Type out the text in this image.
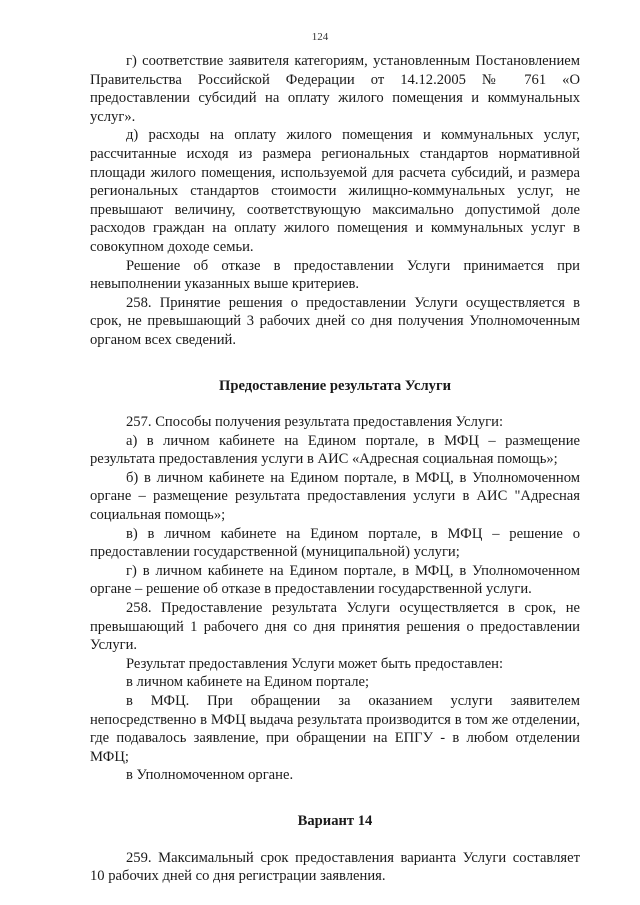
124

г) соответствие заявителя категориям, установленным Постановлением Правительства Российской Федерации от 14.12.2005 № 761 «О предоставлении субсидий на оплату жилого помещения и коммунальных услуг».

д) расходы на оплату жилого помещения и коммунальных услуг, рассчитанные исходя из размера региональных стандартов нормативной площади жилого помещения, используемой для расчета субсидий, и размера региональных стандартов стоимости жилищно-коммунальных услуг, не превышают величину, соответствующую максимально допустимой доле расходов граждан на оплату жилого помещения и коммунальных услуг в совокупном доходе семьи.

Решение об отказе в предоставлении Услуги принимается при невыполнении указанных выше критериев.

258. Принятие решения о предоставлении Услуги осуществляется в срок, не превышающий 3 рабочих дней со дня получения Уполномоченным органом всех сведений.

Предоставление результата Услуги

257. Способы получения результата предоставления Услуги:

а) в личном кабинете на Едином портале, в МФЦ – размещение результата предоставления услуги в АИС «Адресная социальная помощь»;

б) в личном кабинете на Едином портале, в МФЦ, в Уполномоченном органе – размещение результата предоставления услуги в АИС "Адресная социальная помощь»;

в) в личном кабинете на Едином портале, в МФЦ – решение о предоставлении государственной (муниципальной) услуги;

г) в личном кабинете на Едином портале, в МФЦ, в Уполномоченном органе – решение об отказе в предоставлении государственной услуги.

258. Предоставление результата Услуги осуществляется в срок, не превышающий 1 рабочего дня со дня принятия решения о предоставлении Услуги.

Результат предоставления Услуги может быть предоставлен:

в личном кабинете на Едином портале;

в МФЦ. При обращении за оказанием услуги заявителем непосредственно в МФЦ выдача результата производится в том же отделении, где подавалось заявление, при обращении на ЕПГУ - в любом отделении МФЦ;

в Уполномоченном органе.

Вариант 14

259. Максимальный срок предоставления варианта Услуги составляет 10 рабочих дней со дня регистрации заявления.
